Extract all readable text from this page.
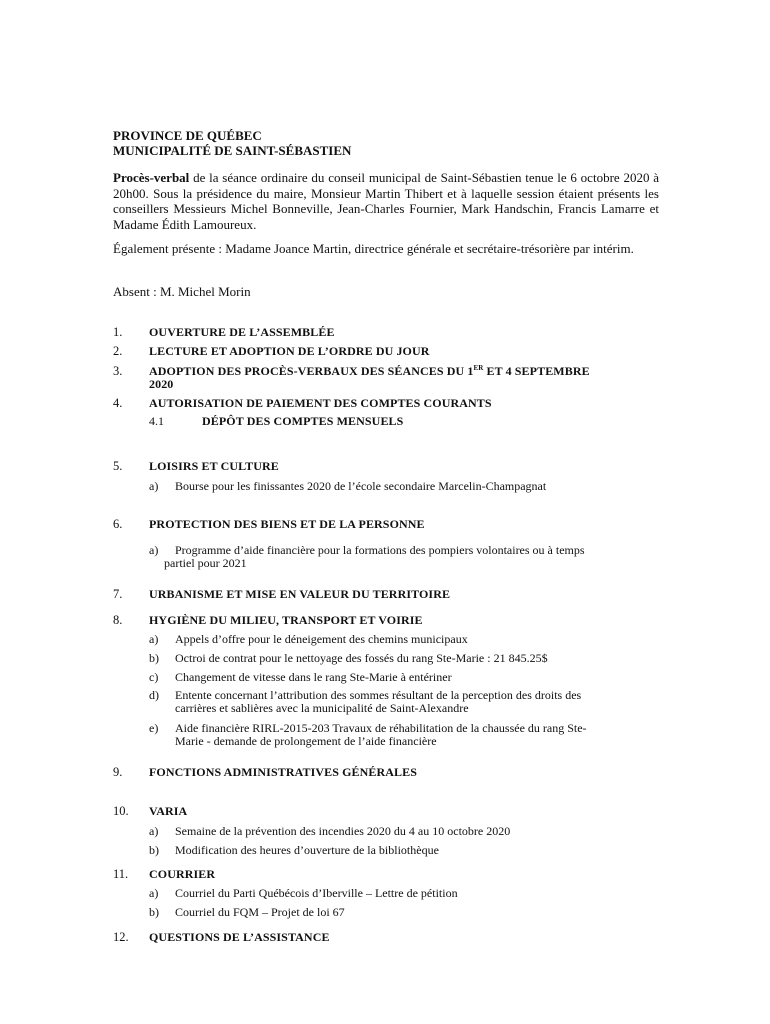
PROVINCE DE QUÉBEC
MUNICIPALITÉ DE SAINT-SÉBASTIEN
Procès-verbal de la séance ordinaire du conseil municipal de Saint-Sébastien tenue le 6 octobre 2020 à 20h00. Sous la présidence du maire, Monsieur Martin Thibert et à laquelle session étaient présents les conseillers Messieurs Michel Bonneville, Jean-Charles Fournier, Mark Handschin, Francis Lamarre et Madame Édith Lamoureux.
Également présente : Madame Joance Martin, directrice générale et secrétaire-trésorière par intérim.
Absent : M. Michel Morin
1. OUVERTURE DE L’ASSEMBLÉE
2. LECTURE ET ADOPTION DE L’ORDRE DU JOUR
3. ADOPTION DES PROCÈS-VERBAUX DES SÉANCES DU 1ER ET 4 SEPTEMBRE
2020
4. AUTORISATION DE PAIEMENT DES COMPTES COURANTS
4.1	DÉPÔT DES COMPTES MENSUELS
5. LOISIRS ET CULTURE
a) Bourse pour les finissantes 2020 de l’école secondaire Marcelin-Champagnat
6. PROTECTION DES BIENS ET DE LA PERSONNE
a) Programme d’aide financière pour la formations des pompiers volontaires ou à temps
partiel pour 2021
7. URBANISME ET MISE EN VALEUR DU TERRITOIRE
8. HYGIÈNE DU MILIEU, TRANSPORT ET VOIRIE
a) Appels d’offre pour le déneigement des chemins municipaux
b) Octroi de contrat pour le nettoyage des fossés du rang Ste-Marie : 21 845.25$
c) Changement de vitesse dans le rang Ste-Marie à entériner
d) Entente concernant l’attribution des sommes résultant de la perception des droits des
carrières et sablières avec la municipalité de Saint-Alexandre
e) Aide financière RIRL-2015-203 Travaux de réhabilitation de la chaussée du rang Ste-
Marie - demande de prolongement de l’aide financière
9. FONCTIONS ADMINISTRATIVES GÉNÉRALES
10. VARIA
a) Semaine de la prévention des incendies 2020 du 4 au 10 octobre 2020
b) Modification des heures d’ouverture de la bibliothèque
11. COURRIER
a) Courriel du Parti Québécois d’Iberville – Lettre de pétition
b) Courriel du FQM – Projet de loi 67
12. QUESTIONS DE L’ASSISTANCE
